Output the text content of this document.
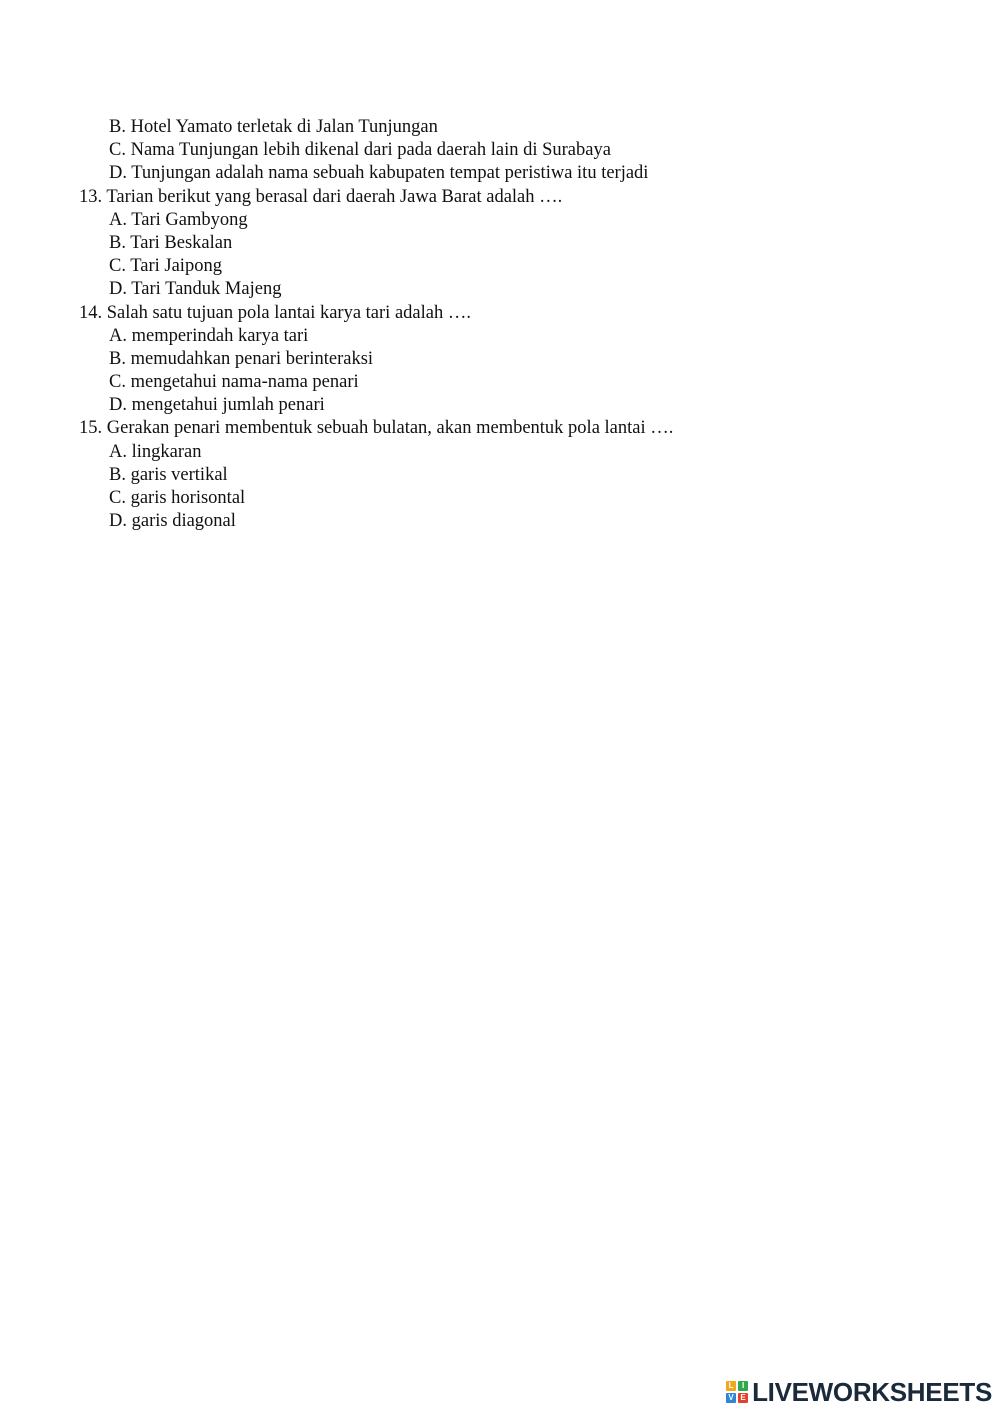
B. Hotel Yamato terletak di Jalan Tunjungan
C. Nama Tunjungan lebih dikenal dari pada daerah lain di Surabaya
D. Tunjungan adalah nama sebuah kabupaten tempat peristiwa itu terjadi
13. Tarian berikut yang berasal dari daerah Jawa Barat adalah ….
A. Tari Gambyong
B. Tari Beskalan
C. Tari Jaipong
D. Tari Tanduk Majeng
14. Salah satu tujuan pola lantai karya tari adalah ….
A. memperindah karya tari
B. memudahkan penari berinteraksi
C. mengetahui nama-nama penari
D. mengetahui jumlah penari
15. Gerakan penari membentuk sebuah bulatan, akan membentuk pola lantai ….
A. lingkaran
B. garis vertikal
C. garis horisontal
D. garis diagonal
L	I
V E LIVEWORKSHEETS
